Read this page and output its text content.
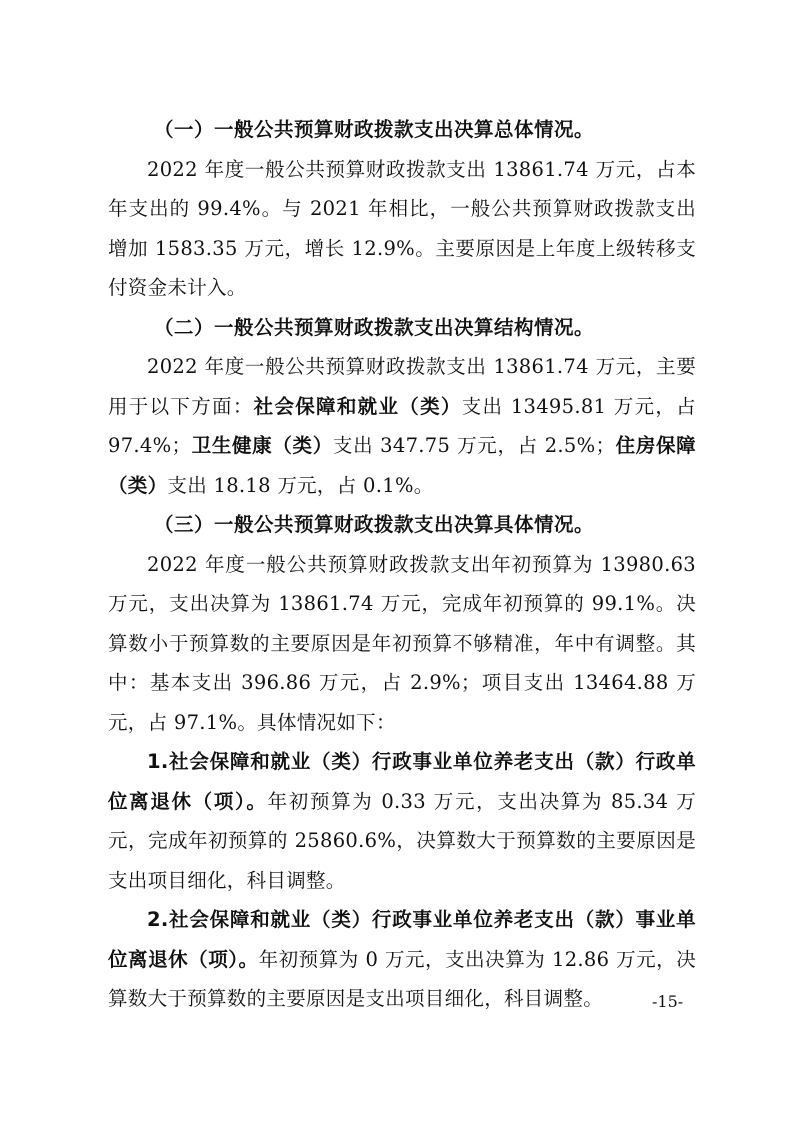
（一）一般公共预算财政拨款支出决算总体情况。

2022 年度一般公共预算财政拨款支出 13861.74 万元，占本年支出的 99.4%。与 2021 年相比，一般公共预算财政拨款支出增加 1583.35 万元，增长 12.9%。主要原因是上年度上级转移支付资金未计入。

（二）一般公共预算财政拨款支出决算结构情况。

2022 年度一般公共预算财政拨款支出 13861.74 万元，主要用于以下方面：社会保障和就业（类）支出 13495.81 万元，占 97.4%；卫生健康（类）支出 347.75 万元，占 2.5%；住房保障（类）支出 18.18 万元，占 0.1%。

（三）一般公共预算财政拨款支出决算具体情况。

2022 年度一般公共预算财政拨款支出年初预算为 13980.63 万元，支出决算为 13861.74 万元，完成年初预算的 99.1%。决算数小于预算数的主要原因是年初预算不够精准，年中有调整。其中：基本支出 396.86 万元，占 2.9%；项目支出 13464.88 万元，占 97.1%。具体情况如下：

1.社会保障和就业（类）行政事业单位养老支出（款）行政单位离退休（项）。年初预算为 0.33 万元，支出决算为 85.34 万元，完成年初预算的 25860.6%，决算数大于预算数的主要原因是支出项目细化，科目调整。

2.社会保障和就业（类）行政事业单位养老支出（款）事业单位离退休（项）。年初预算为 0 万元，支出决算为 12.86 万元，决算数大于预算数的主要原因是支出项目细化，科目调整。	-15-
